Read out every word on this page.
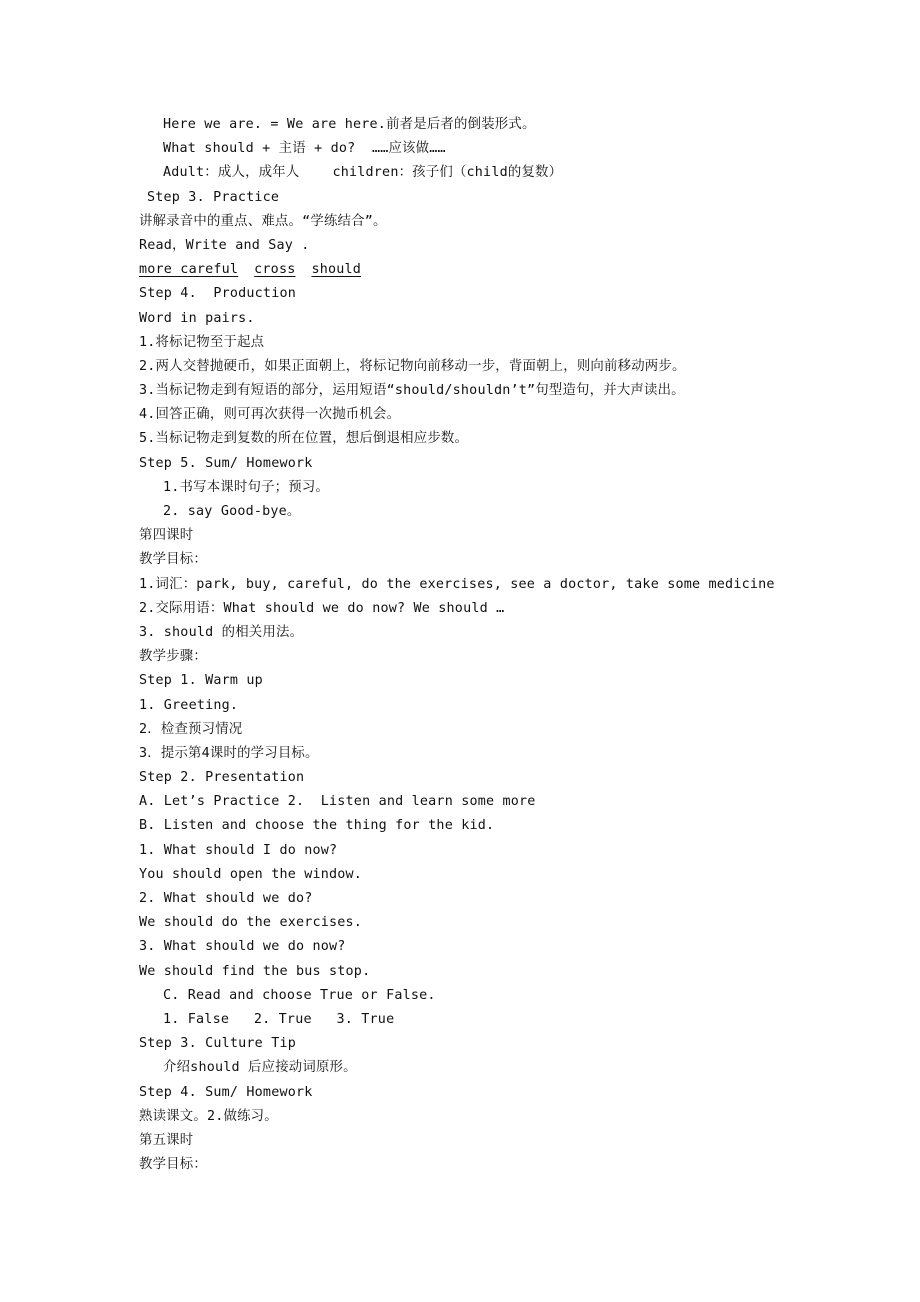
Here we are. = We are here.前者是后者的倒装形式。
What should + 主语 + do?  ……应该做……
Adult：成人，成年人    children：孩子们（child的复数）
Step 3. Practice
讲解录音中的重点、难点。“学练结合”。
Read，Write and Say .
more careful cross should
Step 4.  Production
Word in pairs.
1.将标记物至于起点
2.两人交替抛硬币，如果正面朝上，将标记物向前移动一步，背面朝上，则向前移动两步。
3.当标记物走到有短语的部分，运用短语“should/shouldn’t”句型造句，并大声读出。
4.回答正确，则可再次获得一次抛币机会。
5.当标记物走到复数的所在位置，想后倒退相应步数。
Step 5. Sum/ Homework
1.书写本课时句子；预习。
2. say Good-bye。
第四课时
教学目标：
1.词汇：park, buy, careful, do the exercises, see a doctor, take some medicine
2.交际用语：What should we do now? We should …
3. should 的相关用法。
教学步骤：
Step 1. Warm up
1. Greeting.
2．检查预习情况
3．提示第4课时的学习目标。
Step 2. Presentation
A. Let’s Practice 2.  Listen and learn some more
B. Listen and choose the thing for the kid.
1. What should I do now?
You should open the window.
2. What should we do?
We should do the exercises.
3. What should we do now?
We should find the bus stop.
C. Read and choose True or False.
1. False   2. True   3. True
Step 3. Culture Tip
介绍should 后应接动词原形。
Step 4. Sum/ Homework
熟读课文。2.做练习。
第五课时
教学目标：
